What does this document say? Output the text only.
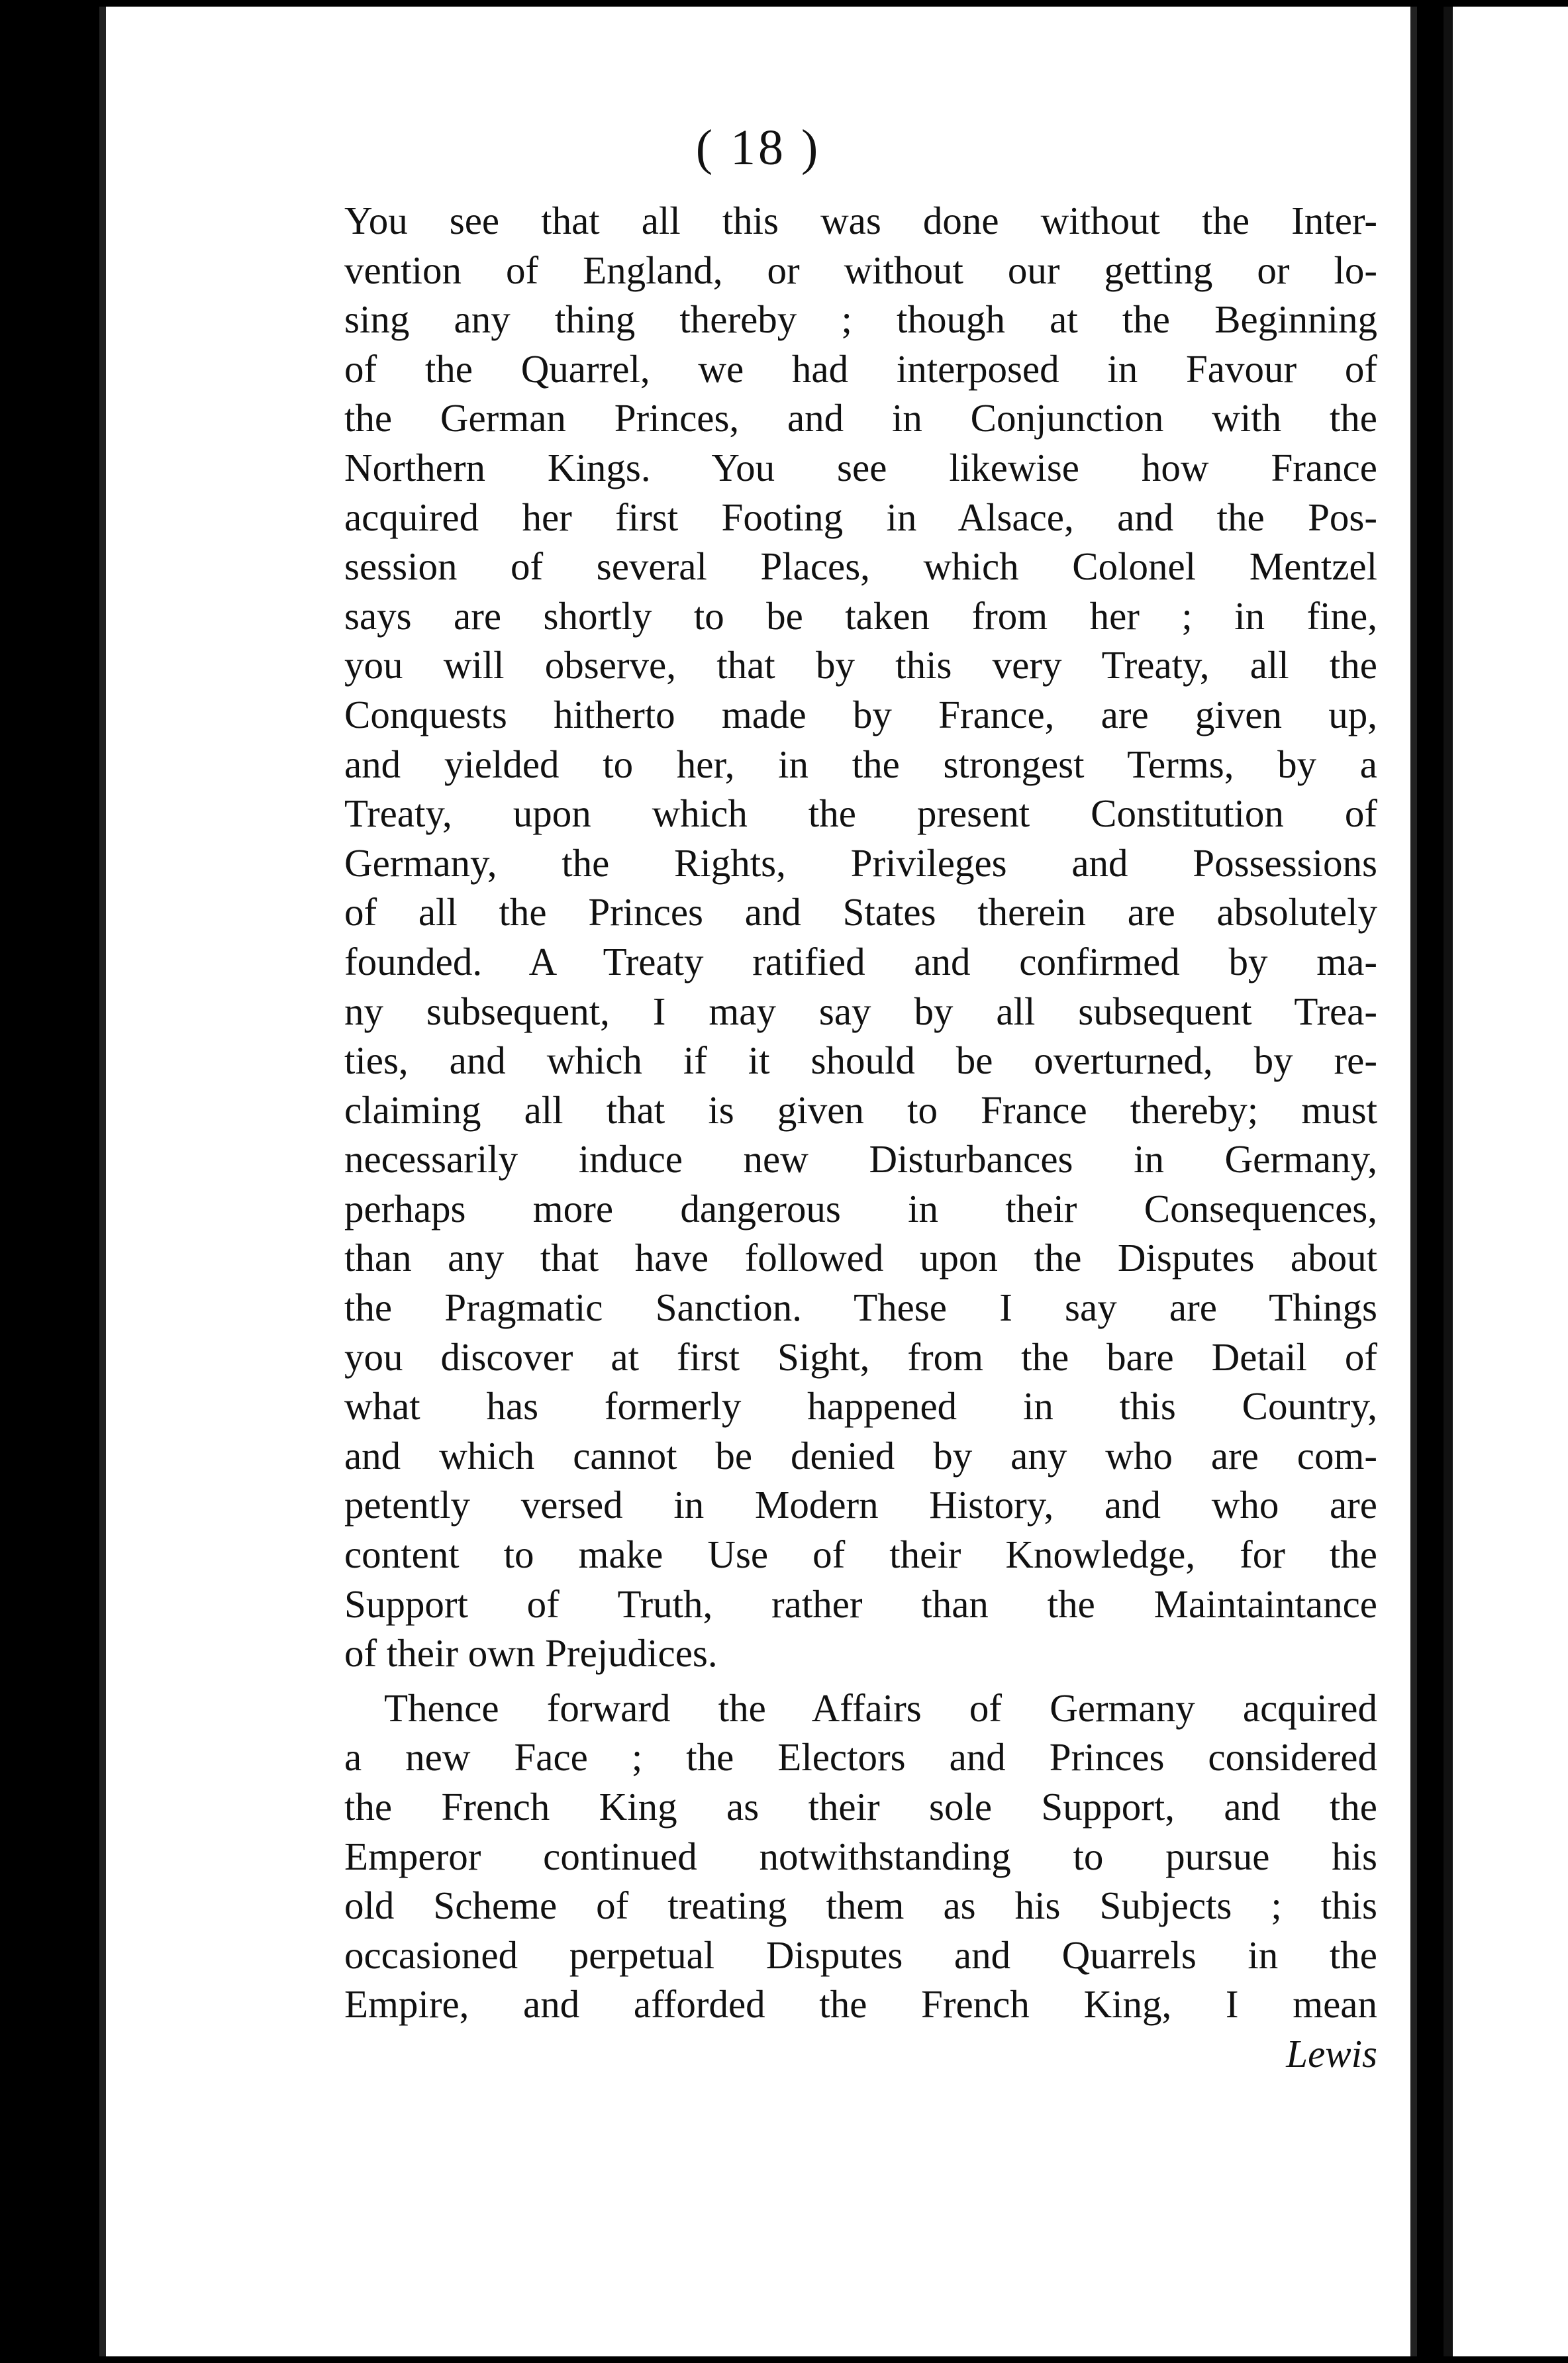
( 18 )
You see that all this was done without the Inter-
vention of England, or without our getting or lo-
sing any thing thereby ; though at the Beginning
of the Quarrel, we had interposed in Favour of
the German Princes, and in Conjunction with the
Northern Kings. You see likewise how France
acquired her first Footing in Alsace, and the Pos-
session of several Places, which Colonel Mentzel
says are shortly to be taken from her ; in fine,
you will observe, that by this very Treaty, all the
Conquests hitherto made by France, are given up,
and yielded to her, in the strongest Terms, by a
Treaty, upon which the present Constitution of
Germany, the Rights, Privileges and Possessions
of all the Princes and States therein are absolutely
founded. A Treaty ratified and confirmed by ma-
ny subsequent, I may say by all subsequent Trea-
ties, and which if it should be overturned, by re-
claiming all that is given to France thereby; must
necessarily induce new Disturbances in Germany,
perhaps more dangerous in their Consequences,
than any that have followed upon the Disputes about
the Pragmatic Sanction. These I say are Things
you discover at first Sight, from the bare Detail of
what has formerly happened in this Country,
and which cannot be denied by any who are com-
petently versed in Modern History, and who are
content to make Use of their Knowledge, for the
Support of Truth, rather than the Maintaintance
of their own Prejudices.
Thence forward the Affairs of Germany acquired
a new Face ; the Electors and Princes considered
the French King as their sole Support, and the
Emperor continued notwithstanding to pursue his
old Scheme of treating them as his Subjects ; this
occasioned perpetual Disputes and Quarrels in the
Empire, and afforded the French King, I mean
Lewis
